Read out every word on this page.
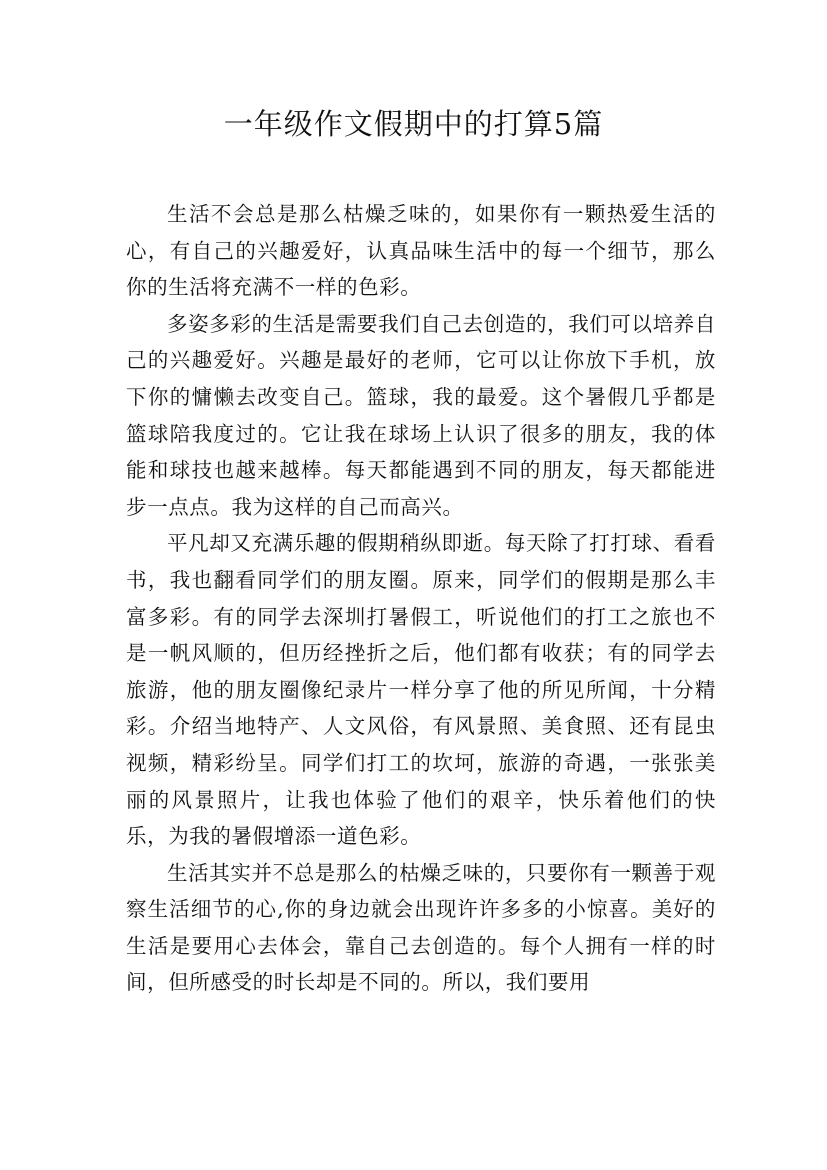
一年级作文假期中的打算5篇

生活不会总是那么枯燥乏味的，如果你有一颗热爱生活的心，有自己的兴趣爱好，认真品味生活中的每一个细节，那么你的生活将充满不一样的色彩。

多姿多彩的生活是需要我们自己去创造的，我们可以培养自己的兴趣爱好。兴趣是最好的老师，它可以让你放下手机，放下你的慵懒去改变自己。篮球，我的最爱。这个暑假几乎都是篮球陪我度过的。它让我在球场上认识了很多的朋友，我的体能和球技也越来越棒。每天都能遇到不同的朋友，每天都能进步一点点。我为这样的自己而高兴。

平凡却又充满乐趣的假期稍纵即逝。每天除了打打球、看看书，我也翻看同学们的朋友圈。原来，同学们的假期是那么丰富多彩。有的同学去深圳打暑假工，听说他们的打工之旅也不是一帆风顺的，但历经挫折之后，他们都有收获；有的同学去旅游，他的朋友圈像纪录片一样分享了他的所见所闻，十分精彩。介绍当地特产、人文风俗，有风景照、美食照、还有昆虫视频，精彩纷呈。同学们打工的坎坷，旅游的奇遇，一张张美丽的风景照片，让我也体验了他们的艰辛，快乐着他们的快乐，为我的暑假增添一道色彩。

生活其实并不总是那么的枯燥乏味的，只要你有一颗善于观察生活细节的心,你的身边就会出现许许多多的小惊喜。美好的生活是要用心去体会，靠自己去创造的。每个人拥有一样的时间，但所感受的时长却是不同的。所以，我们要用
